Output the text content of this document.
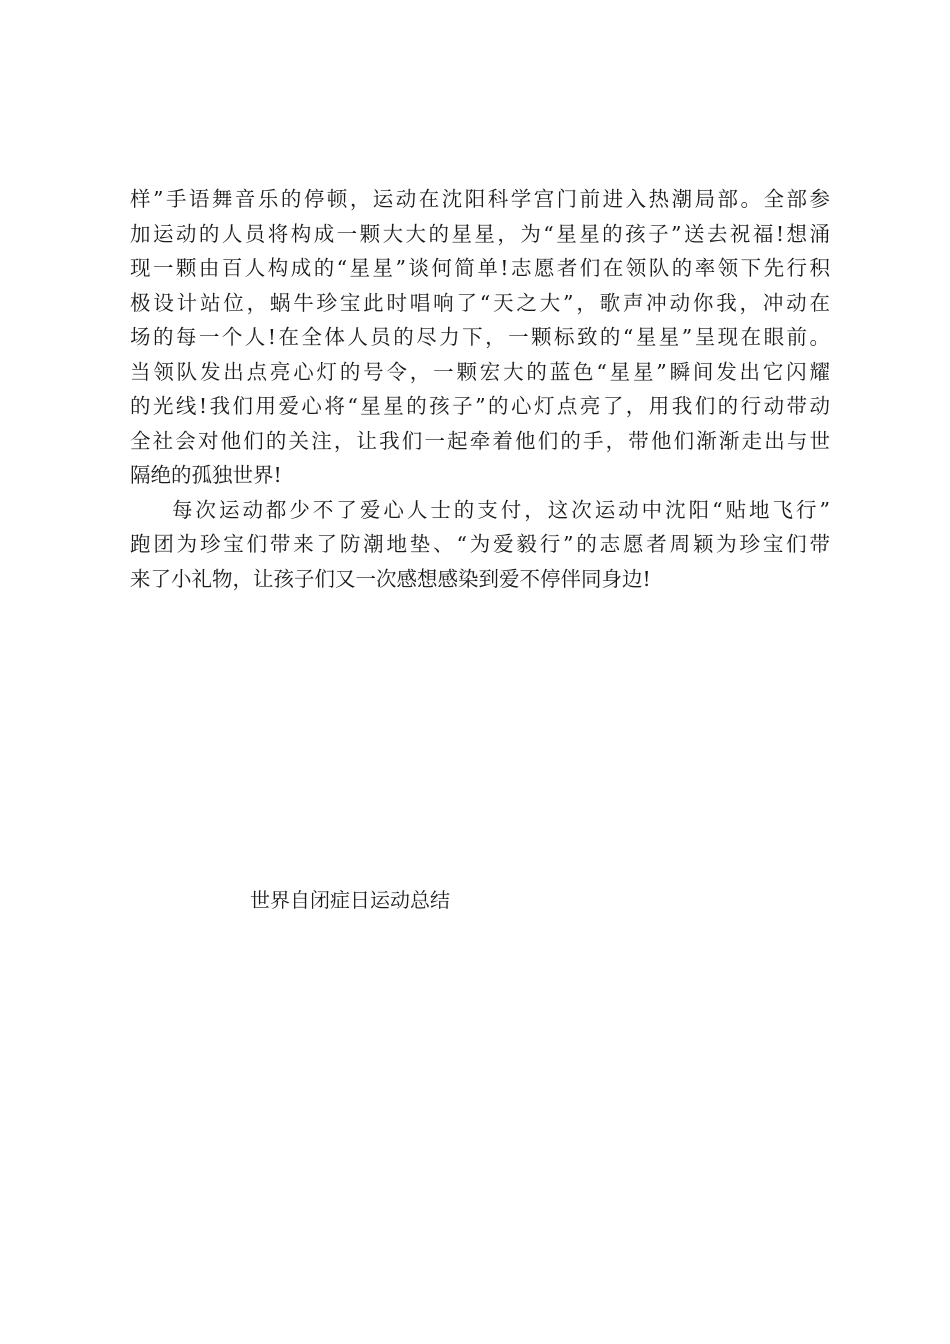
样”手语舞音乐的停顿，运动在沈阳科学宫门前进入热潮局部。全部参
加运动的人员将构成一颗大大的星星，为“星星的孩子”送去祝福!想涌
现一颗由百人构成的“星星”谈何简单!志愿者们在领队的率领下先行积
极设计站位，蜗牛珍宝此时唱响了“天之大”，歌声冲动你我，冲动在
场的每一个人!在全体人员的尽力下，一颗标致的“星星”呈现在眼前。
当领队发出点亮心灯的号令，一颗宏大的蓝色“星星”瞬间发出它闪耀
的光线!我们用爱心将“星星的孩子”的心灯点亮了，用我们的行动带动
全社会对他们的关注，让我们一起牵着他们的手，带他们渐渐走出与世
隔绝的孤独世界!

每次运动都少不了爱心人士的支付，这次运动中沈阳“贴地飞行”
跑团为珍宝们带来了防潮地垫、“为爱毅行”的志愿者周颖为珍宝们带
来了小礼物，让孩子们又一次感想感染到爱不停伴同身边!

世界自闭症日运动总结
